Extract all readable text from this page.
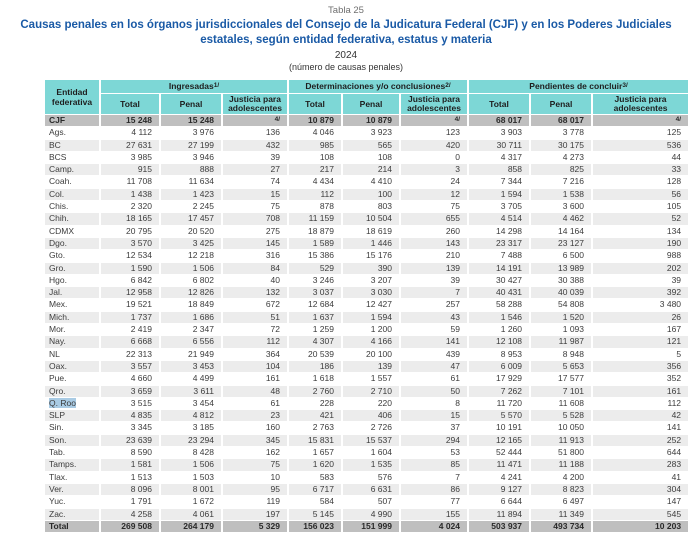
Tabla 25
Causas penales en los órganos jurisdiccionales del Consejo de la Judicatura Federal (CJF) y en los Poderes Judiciales estatales, según entidad federativa, estatus y materia
2024
(número de causas penales)
Entidad federativa	Ingresadas$^{1/}$			Determinaciones y/o conclusiones$^{2/}$			Pendientes de concluir$^{3/}$
	Total	Penal	Justicia para adolescentes	Total	Penal	Justicia para adolescentes	Total	Penal	Justicia para adolescentes
CJF	15 248	15 248	$^{4/}$	10 879	10 879	$^{4/}$	68 017	68 017	$^{4/}$
Ags.	4 112	3 976	136	4 046	3 923	123	3 903	3 778	125
BC	27 631	27 199	432	985	565	420	30 711	30 175	536
BCS	3 985	3 946	39	108	108	0	4 317	4 273	44
Camp.	915	888	27	217	214	3	858	825	33
Coah.	11 708	11 634	74	4 434	4 410	24	7 344	7 216	128
Col.	1 438	1 423	15	112	100	12	1 594	1 538	56
Chis.	2 320	2 245	75	878	803	75	3 705	3 600	105
Chih.	18 165	17 457	708	11 159	10 504	655	4 514	4 462	52
CDMX	20 795	20 520	275	18 879	18 619	260	14 298	14 164	134
Dgo.	3 570	3 425	145	1 589	1 446	143	23 317	23 127	190
Gto.	12 534	12 218	316	15 386	15 176	210	7 488	6 500	988
Gro.	1 590	1 506	84	529	390	139	14 191	13 989	202
Hgo.	6 842	6 802	40	3 246	3 207	39	30 427	30 388	39
Jal.	12 958	12 826	132	3 037	3 030	7	40 431	40 039	392
Mex.	19 521	18 849	672	12 684	12 427	257	58 288	54 808	3 480
Mich.	1 737	1 686	51	1 637	1 594	43	1 546	1 520	26
Mor.	2 419	2 347	72	1 259	1 200	59	1 260	1 093	167
Nay.	6 668	6 556	112	4 307	4 166	141	12 108	11 987	121
NL	22 313	21 949	364	20 539	20 100	439	8 953	8 948	5
Oax.	3 557	3 453	104	186	139	47	6 009	5 653	356
Pue.	4 660	4 499	161	1 618	1 557	61	17 929	17 577	352
Qro.	3 659	3 611	48	2 760	2 710	50	7 262	7 101	161
Q. Roo	3 515	3 454	61	228	220	8	11 720	11 608	112
SLP	4 835	4 812	23	421	406	15	5 570	5 528	42
Sin.	3 345	3 185	160	2 763	2 726	37	10 191	10 050	141
Son.	23 639	23 294	345	15 831	15 537	294	12 165	11 913	252
Tab.	8 590	8 428	162	1 657	1 604	53	52 444	51 800	644
Tamps.	1 581	1 506	75	1 620	1 535	85	11 471	11 188	283
Tlax.	1 513	1 503	10	583	576	7	4 241	4 200	41
Ver.	8 096	8 001	95	6 717	6 631	86	9 127	8 823	304
Yuc.	1 791	1 672	119	584	507	77	6 644	6 497	147
Zac.	4 258	4 061	197	5 145	4 990	155	11 894	11 349	545
Total	269 508	264 179	5 329	156 023	151 999	4 024	503 937	493 734	10 203
